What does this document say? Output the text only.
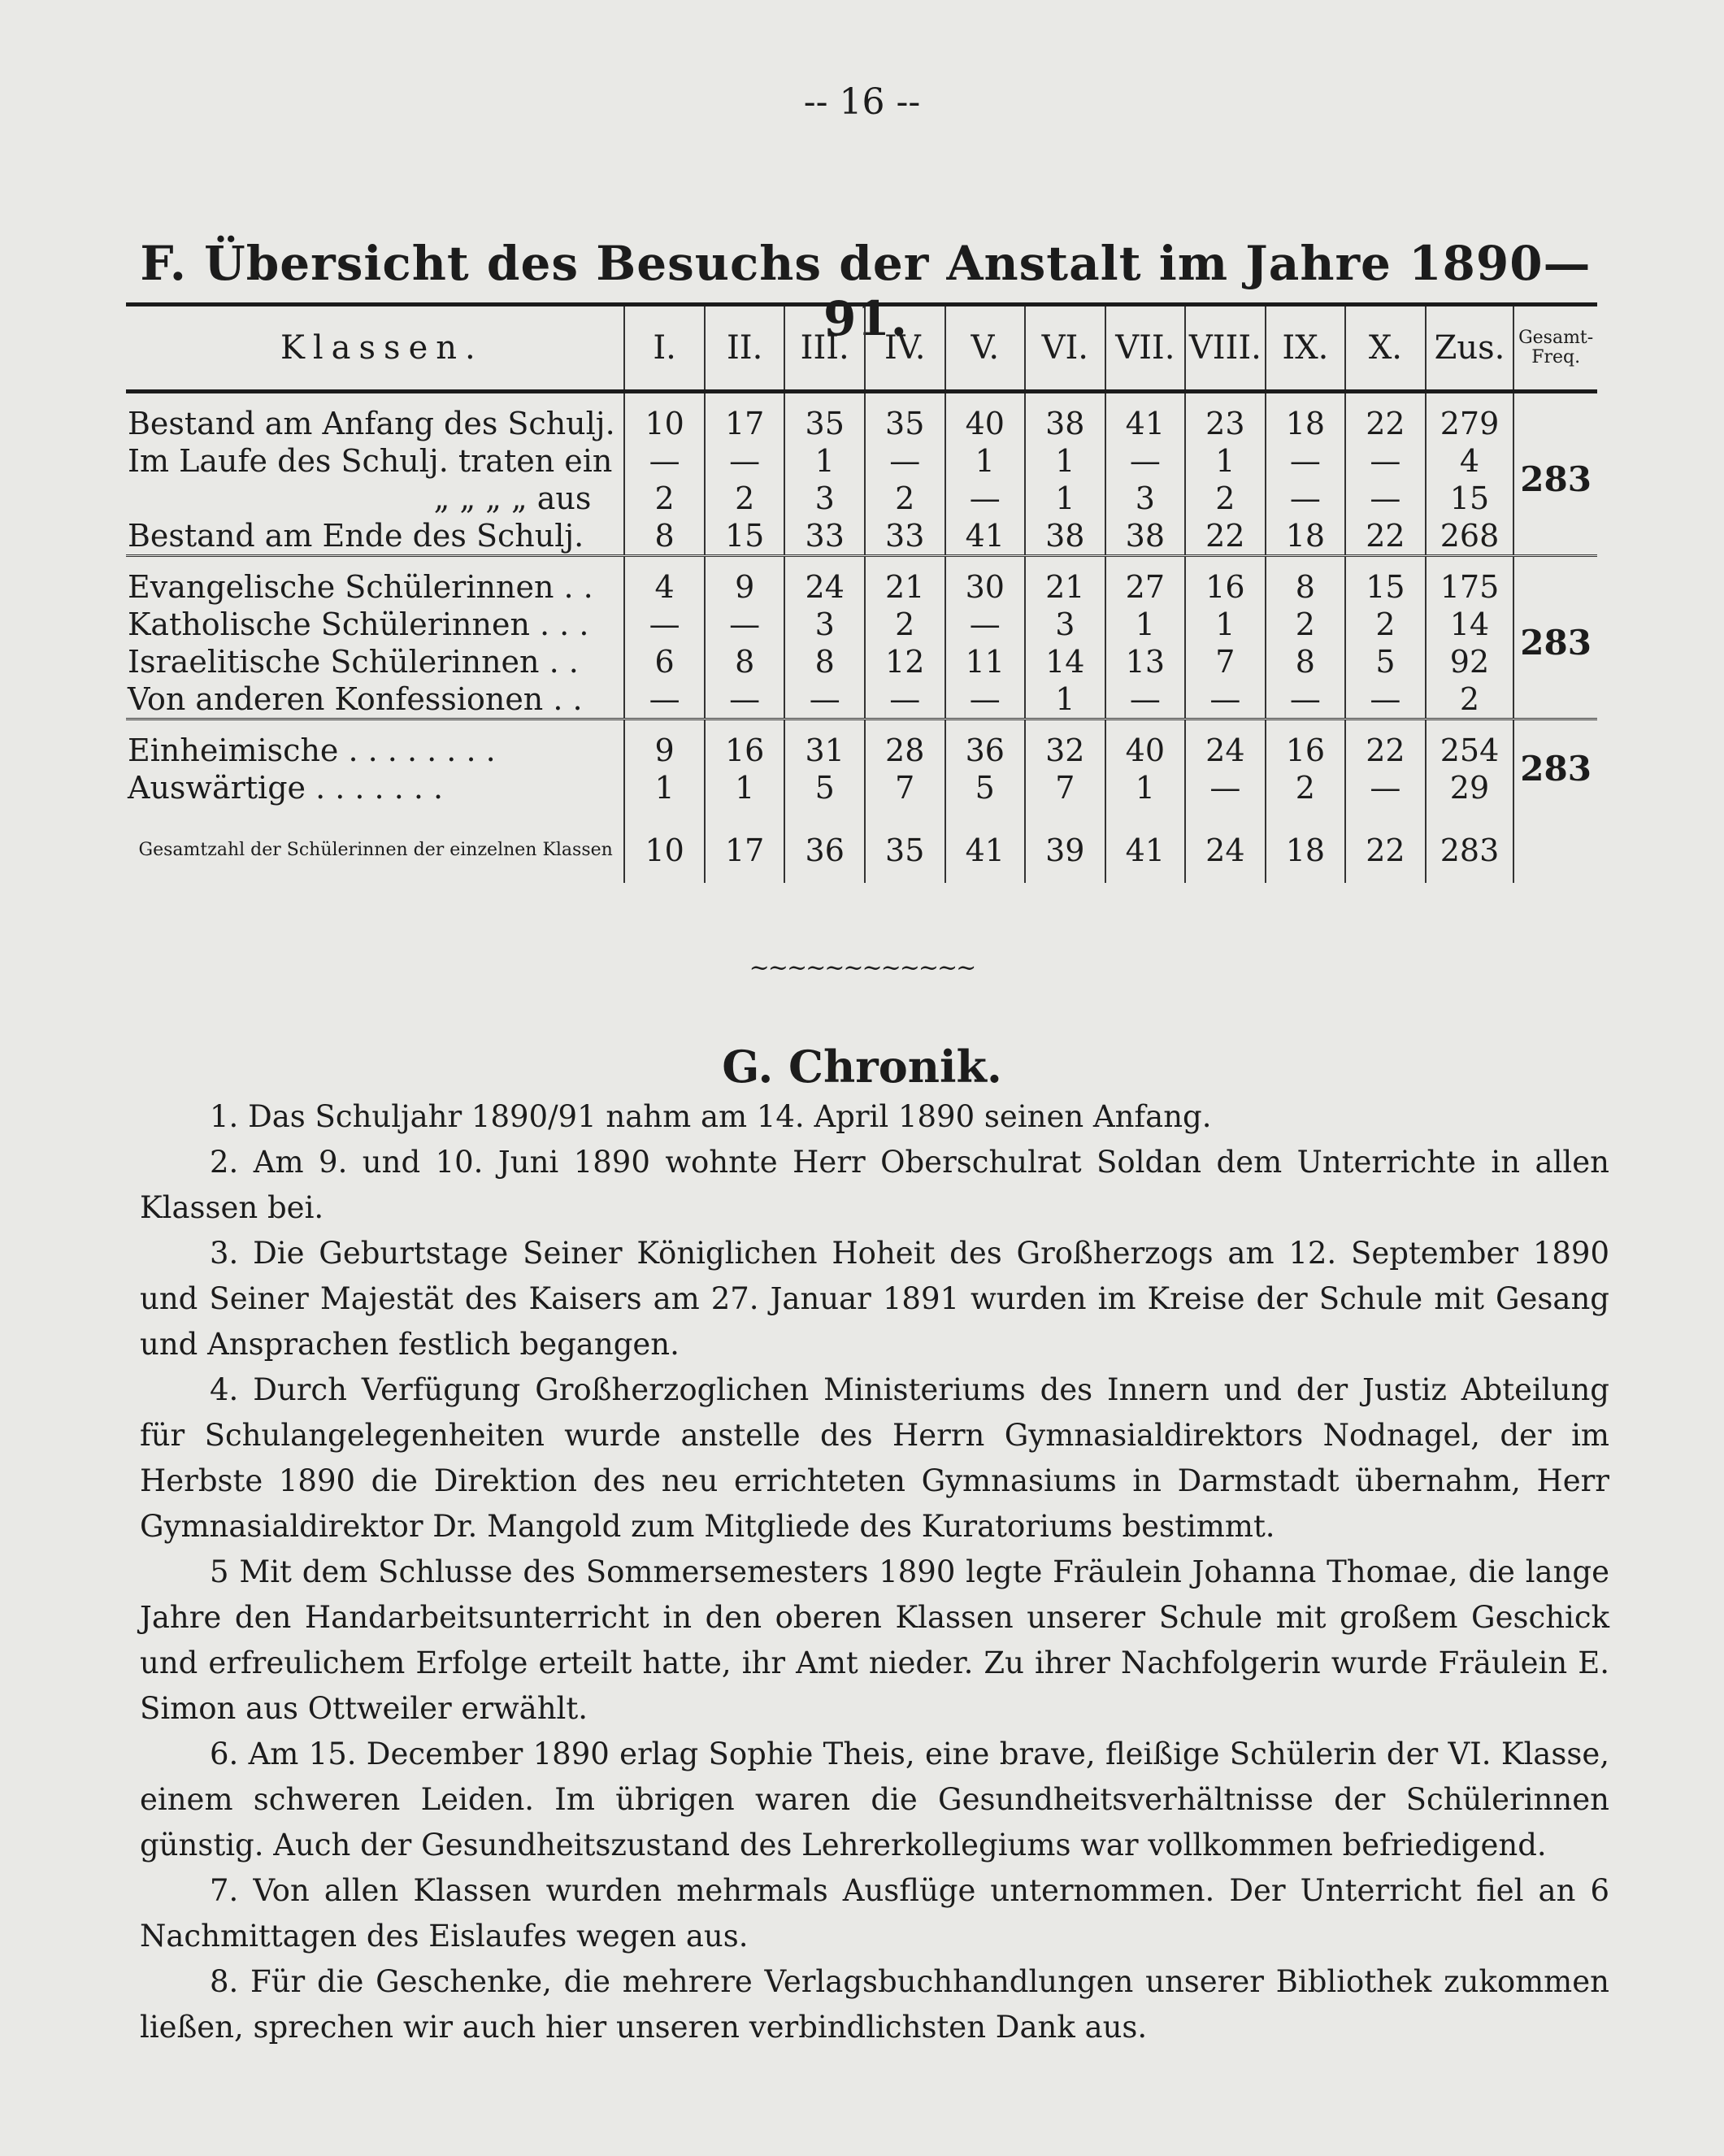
-- 16 --
F. Übersicht des Besuchs der Anstalt im Jahre 1890—91.
Klassen.	I.	II.	III.	IV.	V.	VI.	VII.	VIII.	IX.	X.	Zus.	Gesamt-Freq.

Bestand am Anfang des Schulj.	10	17	35	35	40	38	41	23	18	22	279	283
Im Laufe des Schulj. traten ein	—	—	1	—	1	1	—	1	—	—	4	
„ „ „ „ aus	2	2	3	2	—	1	3	2	—	—	15	
Bestand am Ende des Schulj.	8	15	33	33	41	38	38	22	18	22	268	

Evangelische Schülerinnen . .	4	9	24	21	30	21	27	16	8	15	175	283
Katholische Schülerinnen . . .	—	—	3	2	—	3	1	1	2	2	14	
Israelitische Schülerinnen . .	6	8	8	12	11	14	13	7	8	5	92	
Von anderen Konfessionen . .	—	—	—	—	—	1	—	—	—	—	2	

Einheimische . . . . . . . .	9	16	31	28	36	32	40	24	16	22	254	283
Auswärtige . . . . . . .	1	1	5	7	5	7	1	—	2	—	29	

Gesamtzahl der Schülerinnen der einzelnen Klassen	10	17	36	35	41	39	41	24	18	22	283	
~~~~~~~~~~~~
G. Chronik.

1. Das Schuljahr 1890/91 nahm am 14. April 1890 seinen Anfang.

2. Am 9. und 10. Juni 1890 wohnte Herr Oberschulrat Soldan dem Unterrichte in allen Klassen bei.

3. Die Geburtstage Seiner Königlichen Hoheit des Großherzogs am 12. September 1890 und Seiner Majestät des Kaisers am 27. Januar 1891 wurden im Kreise der Schule mit Gesang und Ansprachen festlich begangen.

4. Durch Verfügung Großherzoglichen Ministeriums des Innern und der Justiz Abteilung für Schulangelegenheiten wurde anstelle des Herrn Gymnasialdirektors Nodnagel, der im Herbste 1890 die Direktion des neu errichteten Gymnasiums in Darmstadt übernahm, Herr Gymnasialdirektor Dr. Mangold zum Mitgliede des Kuratoriums bestimmt.

5 Mit dem Schlusse des Sommersemesters 1890 legte Fräulein Johanna Thomae, die lange Jahre den Handarbeitsunterricht in den oberen Klassen unserer Schule mit großem Geschick und erfreulichem Erfolge erteilt hatte, ihr Amt nieder. Zu ihrer Nachfolgerin wurde Fräulein E. Simon aus Ottweiler erwählt.

6. Am 15. December 1890 erlag Sophie Theis, eine brave, fleißige Schülerin der VI. Klasse, einem schweren Leiden. Im übrigen waren die Gesundheitsverhältnisse der Schülerinnen günstig. Auch der Gesundheitszustand des Lehrerkollegiums war vollkommen befriedigend.

7. Von allen Klassen wurden mehrmals Ausflüge unternommen. Der Unterricht fiel an 6 Nachmittagen des Eislaufes wegen aus.

8. Für die Geschenke, die mehrere Verlagsbuchhandlungen unserer Bibliothek zukommen ließen, sprechen wir auch hier unseren verbindlichsten Dank aus.
